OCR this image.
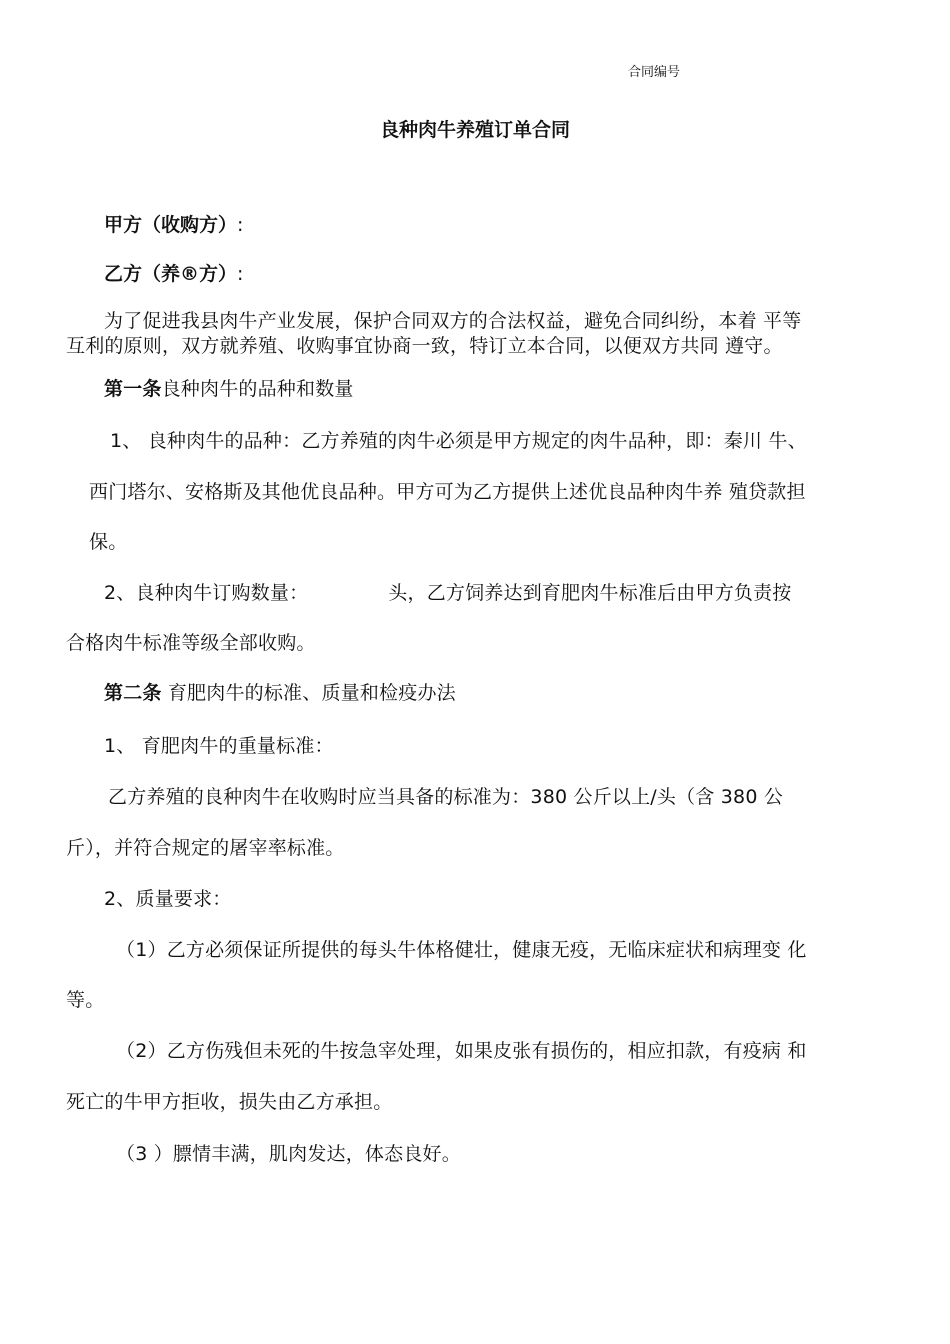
合同编号
良种肉牛养殖订单合同
甲方（收购方）:
乙方（养®方）:
为了促进我县肉牛产业发展，保护合同双方的合法权益，避免合同纠纷，本着 平等
互利的原则，双方就养殖、收购事宜协商一致，特订立本合同，以便双方共同 遵守。
第一条良种肉牛的品种和数量
1、 良种肉牛的品种：乙方养殖的肉牛必须是甲方规定的肉牛品种，即：秦川 牛、
西门塔尔、安格斯及其他优良品种。甲方可为乙方提供上述优良品种肉牛养 殖贷款担
保。
2、良种肉牛订购数量：	头，乙方饲养达到育肥肉牛标准后由甲方负责按
合格肉牛标准等级全部收购。
第二条 育肥肉牛的标准、质量和检疫办法
1、 育肥肉牛的重量标准：
乙方养殖的良种肉牛在收购时应当具备的标准为：380 公斤以上/头（含 380 公
斤），并符合规定的屠宰率标准。
2、质量要求：
（1）乙方必须保证所提供的每头牛体格健壮，健康无疫，无临床症状和病理变 化
等。
（2）乙方伤残但未死的牛按急宰处理，如果皮张有损伤的，相应扣款，有疫病 和
死亡的牛甲方拒收，损失由乙方承担。
（3 ）膘情丰满，肌肉发达，体态良好。
